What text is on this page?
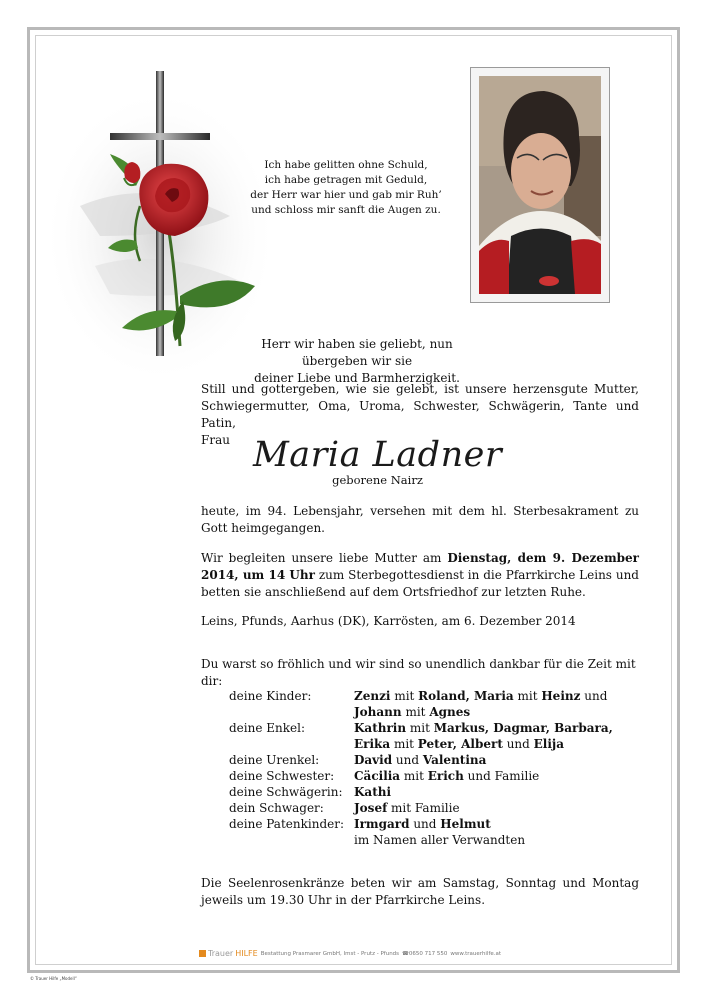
Ich habe gelitten ohne Schuld,
ich habe getragen mit Geduld,
der Herr war hier und gab mir Ruh’
und schloss mir sanft die Augen zu.
Herr wir haben sie geliebt, nun übergeben wir sie
deiner Liebe und Barmherzigkeit.
Still und gottergeben, wie sie gelebt, ist unsere herzensgute Mutter, Schwiegermutter, Oma, Uroma, Schwester, Schwägerin, Tante und Patin,
Frau Maria Ladner
geborene Nairz
heute, im 94. Lebensjahr, versehen mit dem hl. Sterbesakrament zu Gott heimgegangen.
Wir begleiten unsere liebe Mutter am Dienstag, dem 9. Dezember 2014, um 14 Uhr zum Sterbegottesdienst in die Pfarrkirche Leins und betten sie anschließend auf dem Ortsfriedhof zur letzten Ruhe.
Leins, Pfunds, Aarhus (DK), Karrösten, am 6. Dezember 2014
Du warst so fröhlich und wir sind so unendlich dankbar für die Zeit mit dir:
deine Kinder:	Zenzi mit Roland, Maria mit Heinz und
Johann mit Agnes
deine Enkel:	Kathrin mit Markus, Dagmar, Barbara,
Erika mit Peter, Albert und Elija
deine Urenkel:	David und Valentina
deine Schwester:	Cäcilia mit Erich und Familie
deine Schwägerin: Kathi
dein Schwager:	Josef mit Familie
deine Patenkinder: Irmgard und Helmut
im Namen aller Verwandten
Die Seelenrosenkränze beten wir am Samstag, Sonntag und Montag jeweils um 19.30 Uhr in der Pfarrkirche Leins.
Trauer HILFE Bestattung Prasmarer GmbH, Imst - Prutz - Pfunds ☎0650 717 550 www.trauerhilfe.at
© Trauer Hilfe „Modell“
